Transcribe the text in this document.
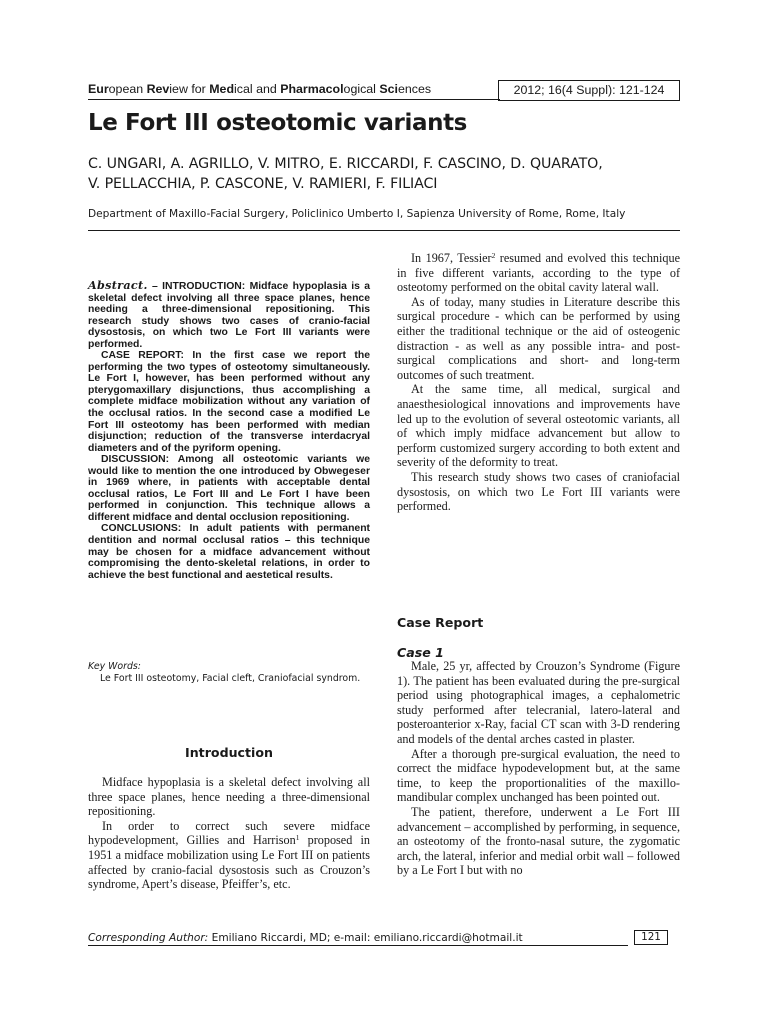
European Review for Medical and Pharmacological Sciences	2012; 16(4 Suppl): 121-124
Le Fort III osteotomic variants
C. UNGARI, A. AGRILLO, V. MITRO, E. RICCARDI, F. CASCINO, D. QUARATO,
V. PELLACCHIA, P. CASCONE, V. RAMIERI, F. FILIACI
Department of Maxillo-Facial Surgery, Policlinico Umberto I, Sapienza University of Rome, Rome, Italy

Abstract. – INTRODUCTION: Midface hypoplasia is a skeletal defect involving all three space planes, hence needing a three-dimensional repositioning. This research study shows two cases of cranio-facial dysostosis, on which two Le Fort III variants were performed.

CASE REPORT: In the first case we report the performing the two types of osteotomy simultaneously. Le Fort I, however, has been performed without any pterygomaxillary disjunctions, thus accomplishing a complete midface mobilization without any variation of the occlusal ratios. In the second case a modified Le Fort III osteotomy has been performed with median disjunction; reduction of the transverse interdacryal diameters and of the pyriform opening.

DISCUSSION: Among all osteotomic variants we would like to mention the one introduced by Obwegeser in 1969 where, in patients with acceptable dental occlusal ratios, Le Fort III and Le Fort I have been performed in conjunction. This technique allows a different midface and dental occlusion repositioning.

CONCLUSIONS: In adult patients with permanent dentition and normal occlusal ratios – this technique may be chosen for a midface advancement without compromising the dento-skeletal relations, in order to achieve the best functional and aestetical results.

Key Words:
Le Fort III osteotomy, Facial cleft, Craniofacial syndrom.
Introduction

Midface hypoplasia is a skeletal defect involving all three space planes, hence needing a three-dimensional repositioning.

In order to correct such severe midface hypodevelopment, Gillies and Harrison$^1$ proposed in 1951 a midface mobilization using Le Fort III on patients affected by cranio-facial dysostosis such as Crouzon’s syndrome, Apert’s disease, Pfeiffer’s, etc.

In 1967, Tessier$^2$ resumed and evolved this technique in five different variants, according to the type of osteotomy performed on the obital cavity lateral wall.

As of today, many studies in Literature describe this surgical procedure - which can be performed by using either the traditional technique or the aid of osteogenic distraction - as well as any possible intra- and post-surgical complications and short- and long-term outcomes of such treatment.

At the same time, all medical, surgical and anaesthesiological innovations and improvements have led up to the evolution of several osteotomic variants, all of which imply midface advancement but allow to perform customized surgery according to both extent and severity of the deformity to treat.

This research study shows two cases of craniofacial dysostosis, on which two Le Fort III variants were performed.

Case Report
Case 1

Male, 25 yr, affected by Crouzon’s Syndrome (Figure 1). The patient has been evaluated during the pre-surgical period using photographical images, a cephalometric study performed after telecranial, latero-lateral and posteroanterior x-Ray, facial CT scan with 3-D rendering and models of the dental arches casted in plaster.

After a thorough pre-surgical evaluation, the need to correct the midface hypodevelopment but, at the same time, to keep the proportionalities of the maxillo-mandibular complex unchanged has been pointed out.

The patient, therefore, underwent a Le Fort III advancement – accomplished by performing, in sequence, an osteotomy of the fronto-nasal suture, the zygomatic arch, the lateral, inferior and medial orbit wall – followed by a Le Fort I but with no

Corresponding Author: Emiliano Riccardi, MD; e-mail: emiliano.riccardi@hotmail.it	121
